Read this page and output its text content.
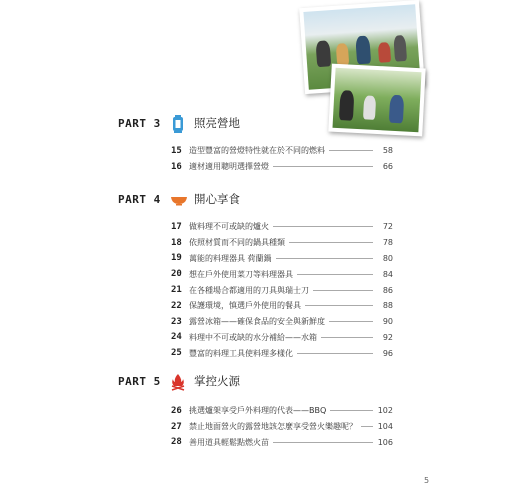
PART 3	照亮營地
15 造型豐富的營燈特性就在於不同的燃料	58
16 適材適用聰明選擇營燈	66
PART 4	開心享食
17 做料理不可或缺的爐火	72
18 依照材質而不同的鍋具種類	78
19 萬能的料理器具 荷蘭鍋	80
20 想在戶外使用菜刀等料理器具	84
21 在各種場合都適用的刀具與瑞士刀	86
22 保護環境，慎選戶外使用的餐具	88
23 露營冰箱——確保食品的安全與新鮮度	90
24 料理中不可或缺的水分補給——水箱	92
25 豐富的料理工具使料理多樣化	96
PART 5	掌控火源
26 挑選爐架享受戶外料理的代表——BBQ	102
27 禁止地面營火的露營地該怎麼享受營火樂趣呢？	104
28 善用道具輕鬆點燃火苗	106
5
